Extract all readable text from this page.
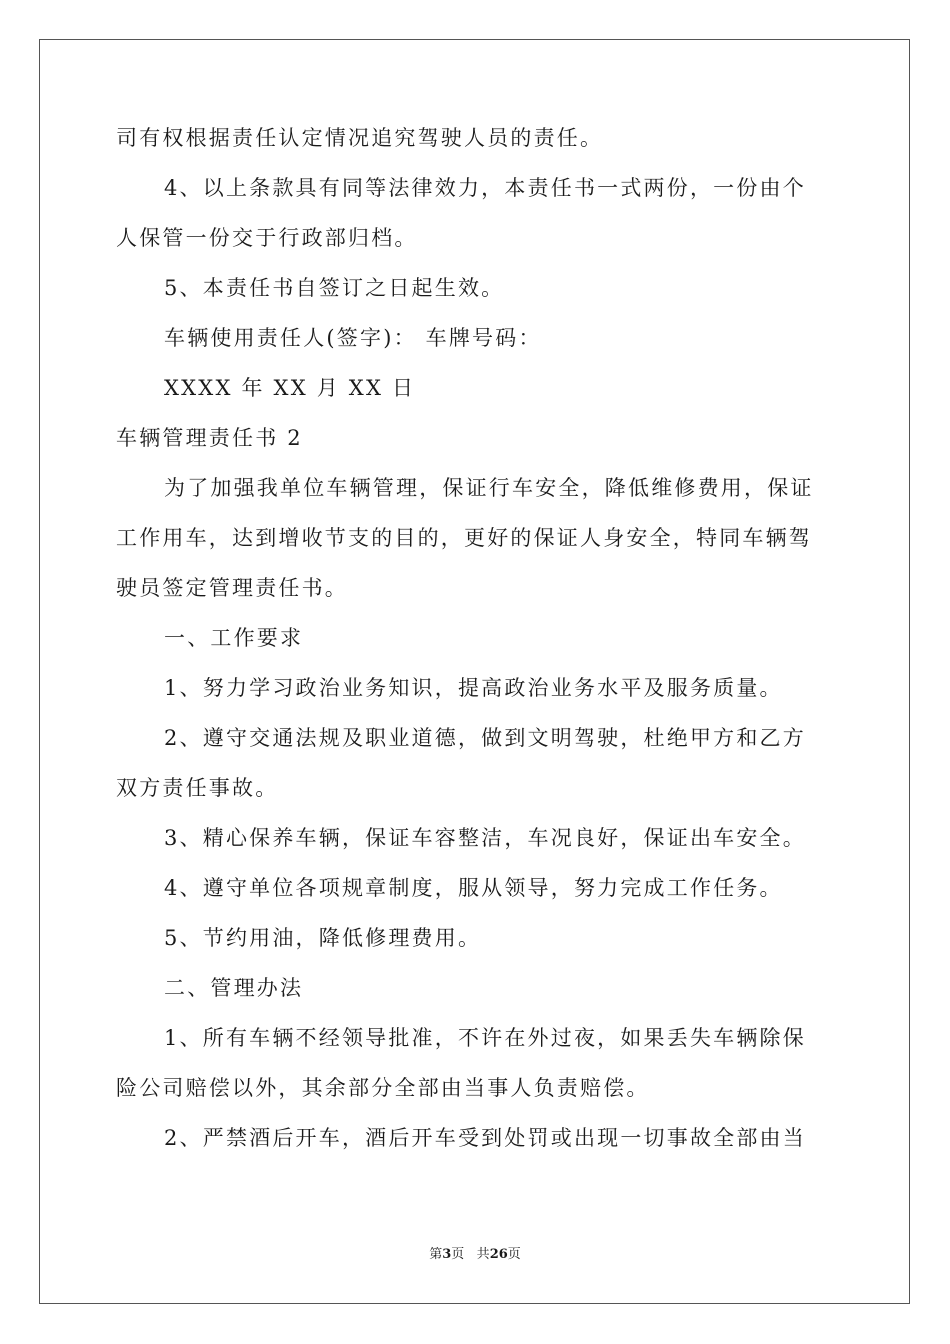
司有权根据责任认定情况追究驾驶人员的责任。
4、以上条款具有同等法律效力，本责任书一式两份，一份由个
人保管一份交于行政部归档。
5、本责任书自签订之日起生效。
车辆使用责任人(签字)： 车牌号码：
XXXX 年 XX 月 XX 日
车辆管理责任书 2
为了加强我单位车辆管理，保证行车安全，降低维修费用，保证
工作用车，达到增收节支的目的，更好的保证人身安全，特同车辆驾
驶员签定管理责任书。
一、工作要求
1、努力学习政治业务知识，提高政治业务水平及服务质量。
2、遵守交通法规及职业道德，做到文明驾驶，杜绝甲方和乙方
双方责任事故。
3、精心保养车辆，保证车容整洁，车况良好，保证出车安全。
4、遵守单位各项规章制度，服从领导，努力完成工作任务。
5、节约用油，降低修理费用。
二、管理办法
1、所有车辆不经领导批准，不许在外过夜，如果丢失车辆除保
险公司赔偿以外，其余部分全部由当事人负责赔偿。
2、严禁酒后开车，酒后开车受到处罚或出现一切事故全部由当
第3页 共26页
